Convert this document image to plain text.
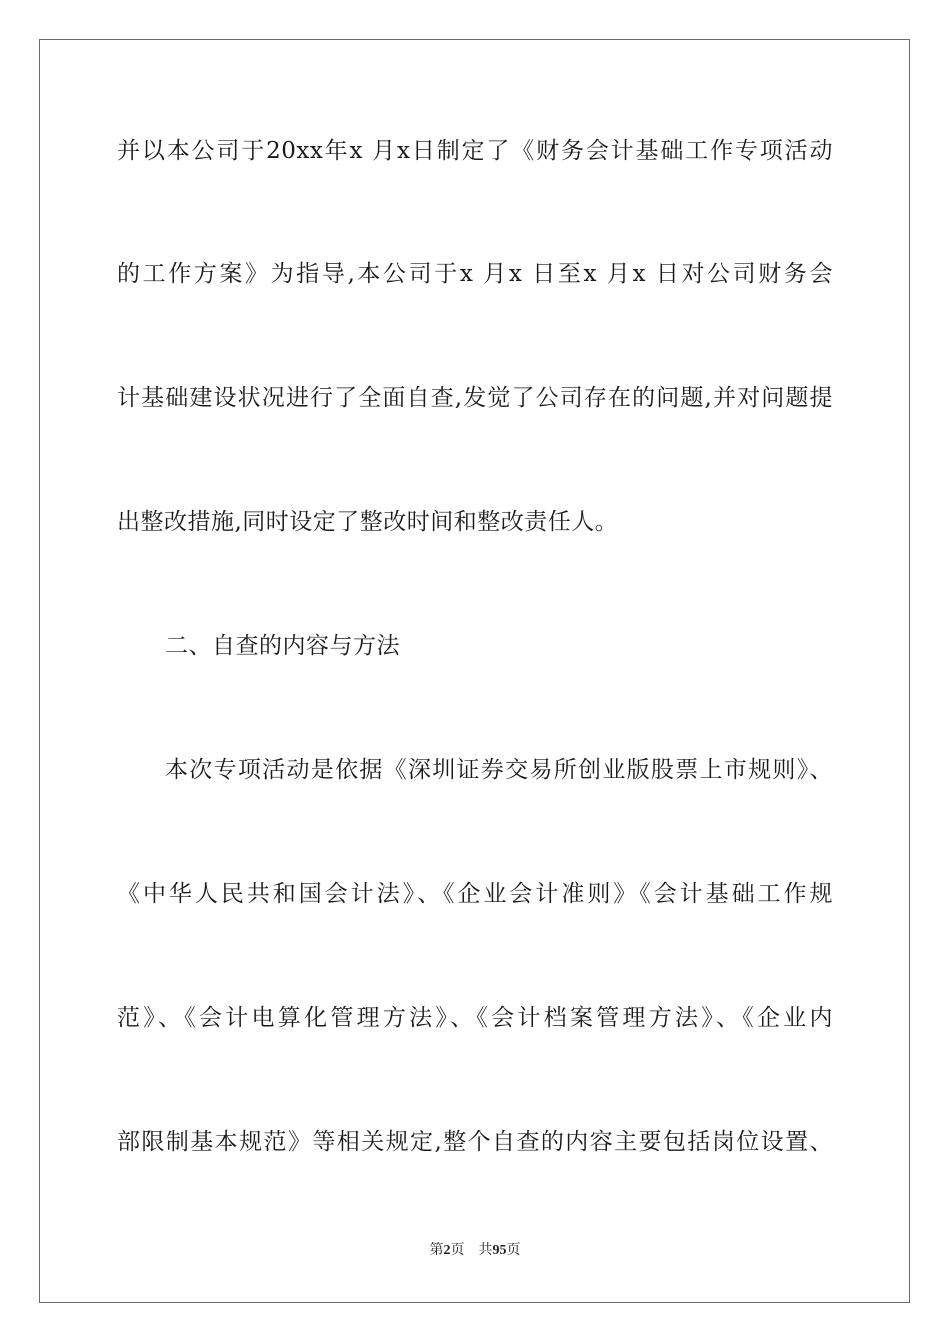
并以本公司于20xx年x 月x日制定了《财务会计基础工作专项活动
的工作方案》为指导,本公司于x 月x 日至x 月x 日对公司财务会
计基础建设状况进行了全面自查,发觉了公司存在的问题,并对问题提
出整改措施,同时设定了整改时间和整改责任人。
二、自查的内容与方法
本次专项活动是依据《深圳证券交易所创业版股票上市规则》、
《中华人民共和国会计法》、《企业会计准则》《会计基础工作规
范》、《会计电算化管理方法》、《会计档案管理方法》、《企业内
部限制基本规范》等相关规定,整个自查的内容主要包括岗位设置、
第2页 共95页
